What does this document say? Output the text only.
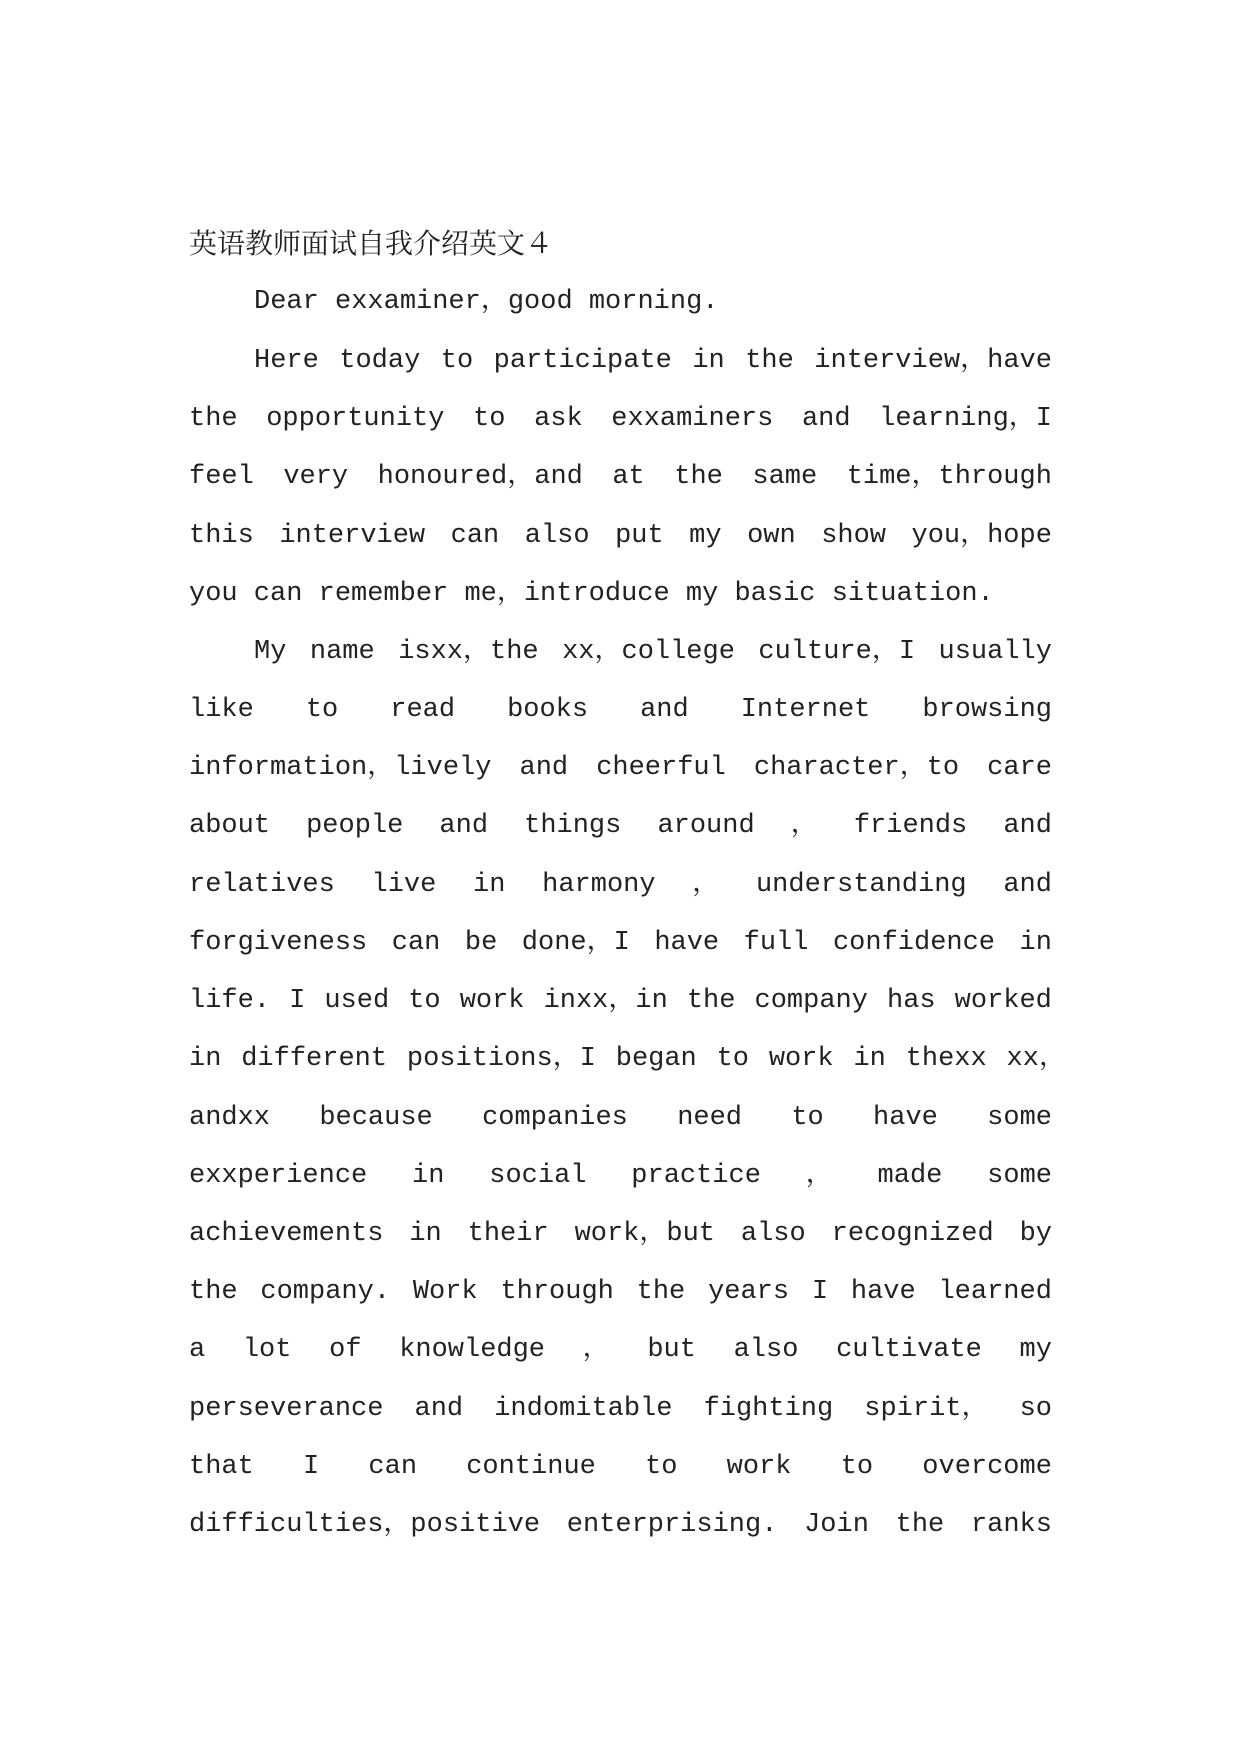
英语教师面试自我介绍英文４
Dear exxaminer，good morning.
Here today to participate in the interview，have
the opportunity to ask exxaminers and learning，I
feel very honoured，and at the same time，through
this interview can also put my own show you，hope
you can remember me，introduce my basic situation.
My name isxx，the xx，college culture，I usually
like to read books and Internet browsing
information，lively and cheerful character，to care
about people and things around ， friends and
relatives live in harmony ， understanding and
forgiveness can be done，I have full confidence in
life. I used to work inxx，in the company has worked
in different positions，I began to work in thexx xx，
andxx because companies need to have some
exxperience in social practice ， made some
achievements in their work，but also recognized by
the company. Work through the years I have learned
a lot of knowledge ， but also cultivate my
perseverance and indomitable fighting spirit， so
that I can continue to work to overcome
difficulties，positive enterprising. Join the ranks
